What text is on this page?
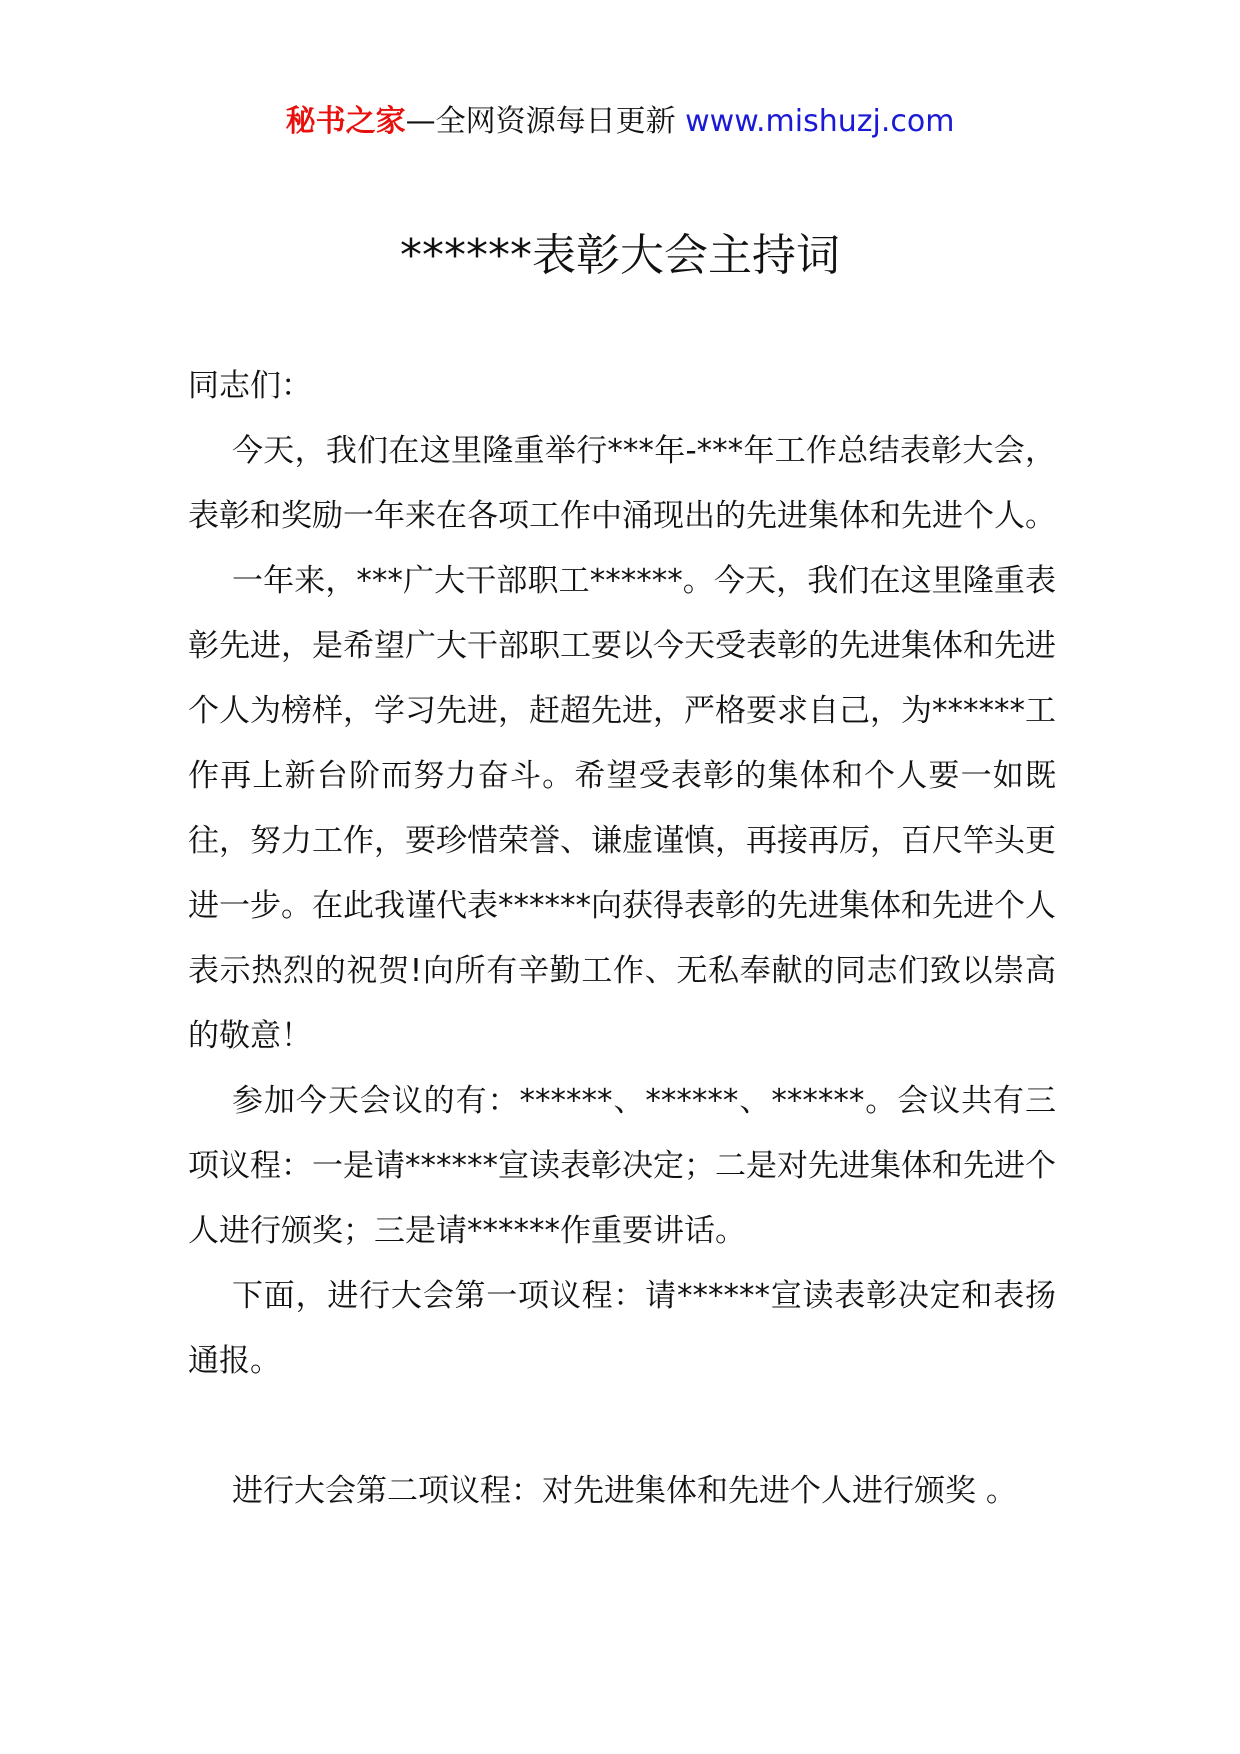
秘书之家—全网资源每日更新 www.mishuzj.com
******表彰大会主持词

同志们：

今天，我们在这里隆重举行***年-***年工作总结表彰大会，表彰和奖励一年来在各项工作中涌现出的先进集体和先进个人。

一年来，***广大干部职工******。今天，我们在这里隆重表彰先进，是希望广大干部职工要以今天受表彰的先进集体和先进个人为榜样，学习先进，赶超先进，严格要求自己，为******工作再上新台阶而努力奋斗。希望受表彰的集体和个人要一如既往，努力工作，要珍惜荣誉、谦虚谨慎，再接再厉，百尺竿头更进一步。在此我谨代表******向获得表彰的先进集体和先进个人表示热烈的祝贺!向所有辛勤工作、无私奉献的同志们致以崇高的敬意！

参加今天会议的有：******、******、******。会议共有三项议程：一是请******宣读表彰决定；二是对先进集体和先进个人进行颁奖；三是请******作重要讲话。

下面，进行大会第一项议程：请******宣读表彰决定和表扬通报。

进行大会第二项议程：对先进集体和先进个人进行颁奖 。
